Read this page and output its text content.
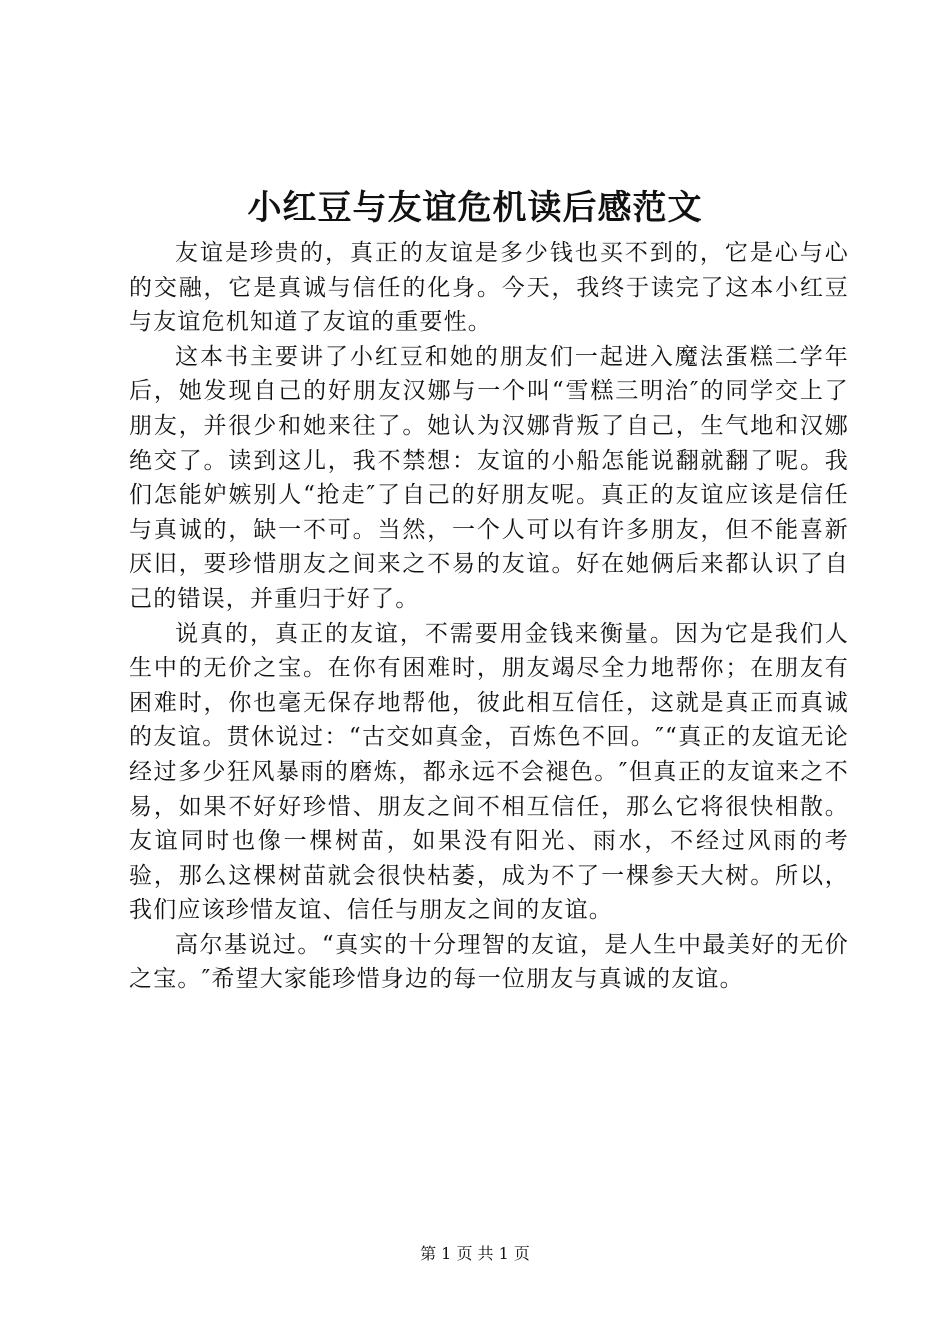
小红豆与友谊危机读后感范文

友谊是珍贵的，真正的友谊是多少钱也买不到的，它是心与心的交融，它是真诚与信任的化身。今天，我终于读完了这本小红豆与友谊危机知道了友谊的重要性。

这本书主要讲了小红豆和她的朋友们一起进入魔法蛋糕二学年后，她发现自己的好朋友汉娜与一个叫“雪糕三明治″的同学交上了朋友，并很少和她来往了。她认为汉娜背叛了自己，生气地和汉娜绝交了。读到这儿，我不禁想：友谊的小船怎能说翻就翻了呢。我们怎能妒嫉别人“抢走″了自己的好朋友呢。真正的友谊应该是信任与真诚的，缺一不可。当然，一个人可以有许多朋友，但不能喜新厌旧，要珍惜朋友之间来之不易的友谊。好在她俩后来都认识了自己的错误，并重归于好了。

说真的，真正的友谊，不需要用金钱来衡量。因为它是我们人生中的无价之宝。在你有困难时，朋友竭尽全力地帮你；在朋友有困难时，你也毫无保存地帮他，彼此相互信任，这就是真正而真诚的友谊。贯休说过：“古交如真金，百炼色不回。″“真正的友谊无论经过多少狂风暴雨的磨炼，都永远不会褪色。″但真正的友谊来之不易，如果不好好珍惜、朋友之间不相互信任，那么它将很快相散。友谊同时也像一棵树苗，如果没有阳光、雨水，不经过风雨的考验，那么这棵树苗就会很快枯萎，成为不了一棵参天大树。所以，我们应该珍惜友谊、信任与朋友之间的友谊。

高尔基说过。“真实的十分理智的友谊，是人生中最美好的无价之宝。″希望大家能珍惜身边的每一位朋友与真诚的友谊。

第 1 页 共 1 页
